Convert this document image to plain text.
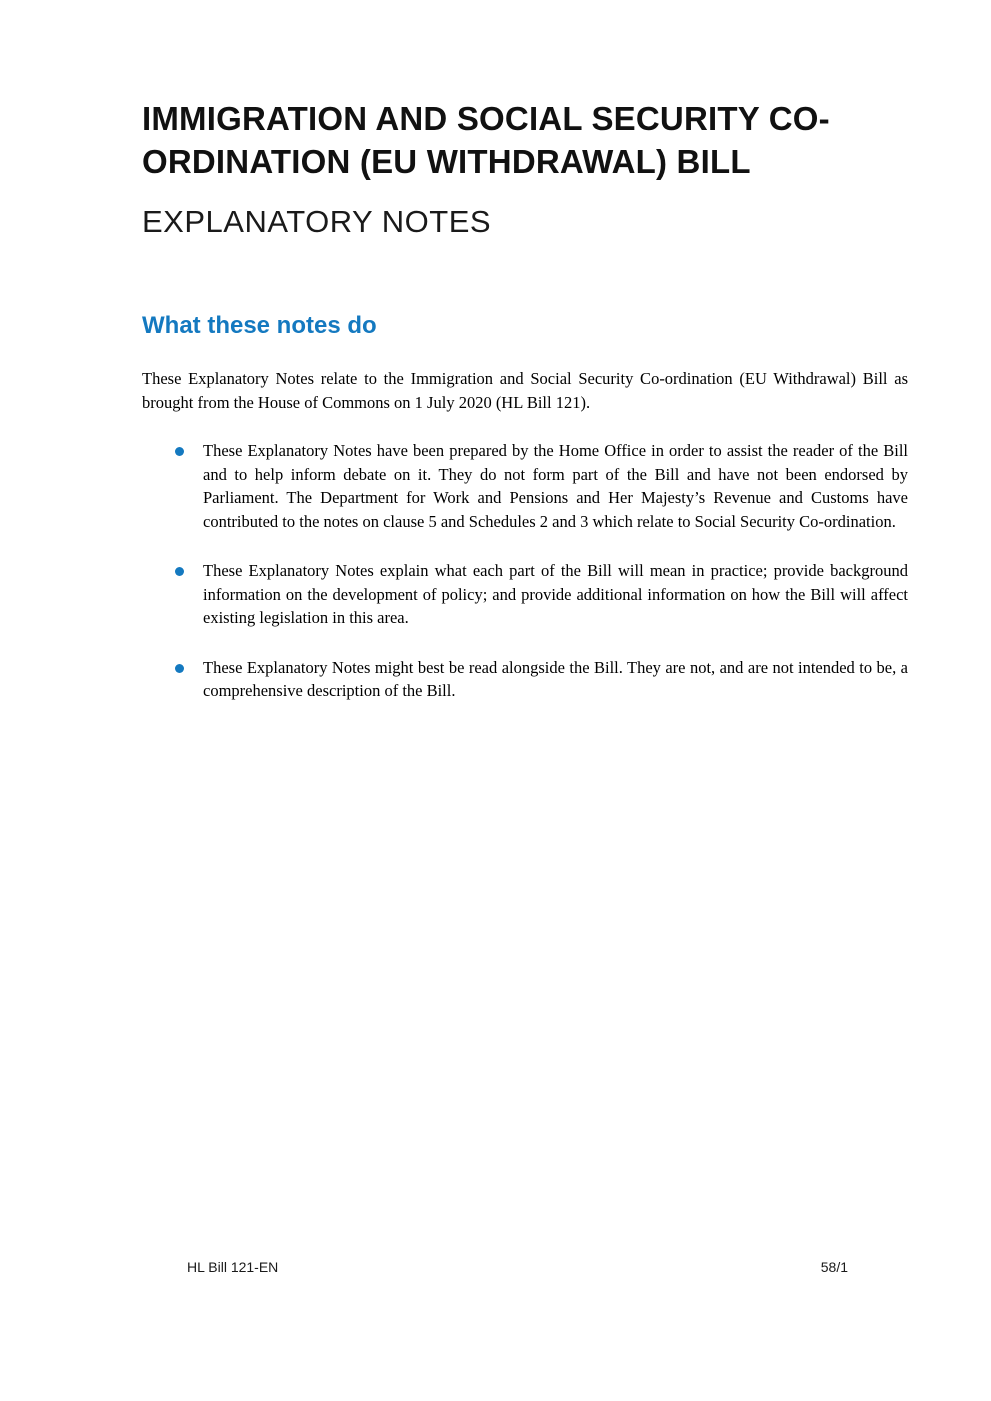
IMMIGRATION AND SOCIAL SECURITY CO-ORDINATION (EU WITHDRAWAL) BILL
EXPLANATORY NOTES
What these notes do

These Explanatory Notes relate to the Immigration and Social Security Co-ordination (EU Withdrawal) Bill as brought from the House of Commons on 1 July 2020 (HL Bill 121).

These Explanatory Notes have been prepared by the Home Office in order to assist the reader of the Bill and to help inform debate on it. They do not form part of the Bill and have not been endorsed by Parliament. The Department for Work and Pensions and Her Majesty’s Revenue and Customs have contributed to the notes on clause 5 and Schedules 2 and 3 which relate to Social Security Co-ordination.

These Explanatory Notes explain what each part of the Bill will mean in practice; provide background information on the development of policy; and provide additional information on how the Bill will affect existing legislation in this area.

These Explanatory Notes might best be read alongside the Bill. They are not, and are not intended to be, a comprehensive description of the Bill.

HL Bill 121-EN	58/1
